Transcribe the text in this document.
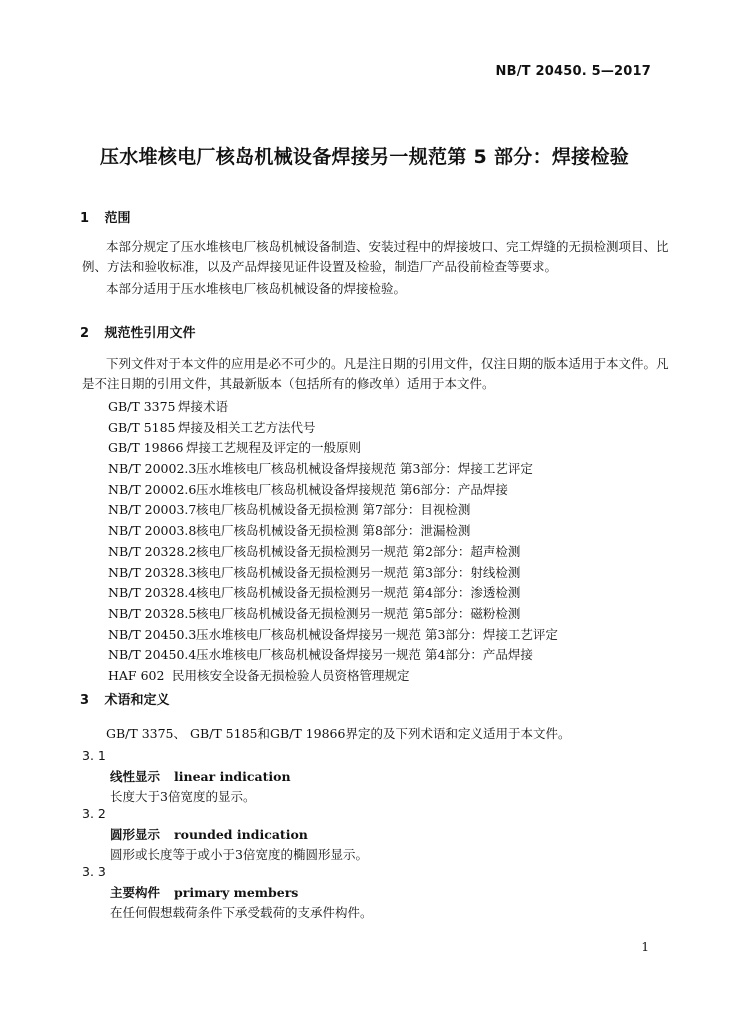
NB/T 20450. 5—2017
压水堆核电厂核岛机械设备焊接另一规范第 5 部分：焊接检验
1 范围
本部分规定了压水堆核电厂核岛机械设备制造、安装过程中的焊接坡口、完工焊缝的无损检测项目、比例、方法和验收标准，以及产品焊接见证件设置及检验，制造厂产品役前检查等要求。
本部分适用于压水堆核电厂核岛机械设备的焊接检验。
2 规范性引用文件
下列文件对于本文件的应用是必不可少的。凡是注日期的引用文件，仅注日期的版本适用于本文件。凡是不注日期的引用文件，其最新版本（包括所有的修改单）适用于本文件。
GB/T 3375 焊接术语
GB/T 5185 焊接及相关工艺方法代号
GB/T 19866 焊接工艺规程及评定的一般原则
NB/T 20002.3压水堆核电厂核岛机械设备焊接规范 第3部分：焊接工艺评定
NB/T 20002.6压水堆核电厂核岛机械设备焊接规范 第6部分：产品焊接
NB/T 20003.7核电厂核岛机械设备无损检测 第7部分：目视检测
NB/T 20003.8核电厂核岛机械设备无损检测 第8部分：泄漏检测
NB/T 20328.2核电厂核岛机械设备无损检测另一规范 第2部分：超声检测
NB/T 20328.3核电厂核岛机械设备无损检测另一规范 第3部分：射线检测
NB/T 20328.4核电厂核岛机械设备无损检测另一规范 第4部分：渗透检测
NB/T 20328.5核电厂核岛机械设备无损检测另一规范 第5部分：磁粉检测
NB/T 20450.3压水堆核电厂核岛机械设备焊接另一规范 第3部分：焊接工艺评定
NB/T 20450.4压水堆核电厂核岛机械设备焊接另一规范 第4部分：产品焊接
HAF 602 民用核安全设备无损检验人员资格管理规定
3 术语和定义
GB/T 3375、 GB/T 5185和GB/T 19866界定的及下列术语和定义适用于本文件。
3. 1
线性显示 linear indication
长度大于3倍宽度的显示。
3. 2
圆形显示 rounded indication
圆形或长度等于或小于3倍宽度的椭圆形显示。
3. 3
主要构件 primary members
在任何假想载荷条件下承受载荷的支承件构件。
1
